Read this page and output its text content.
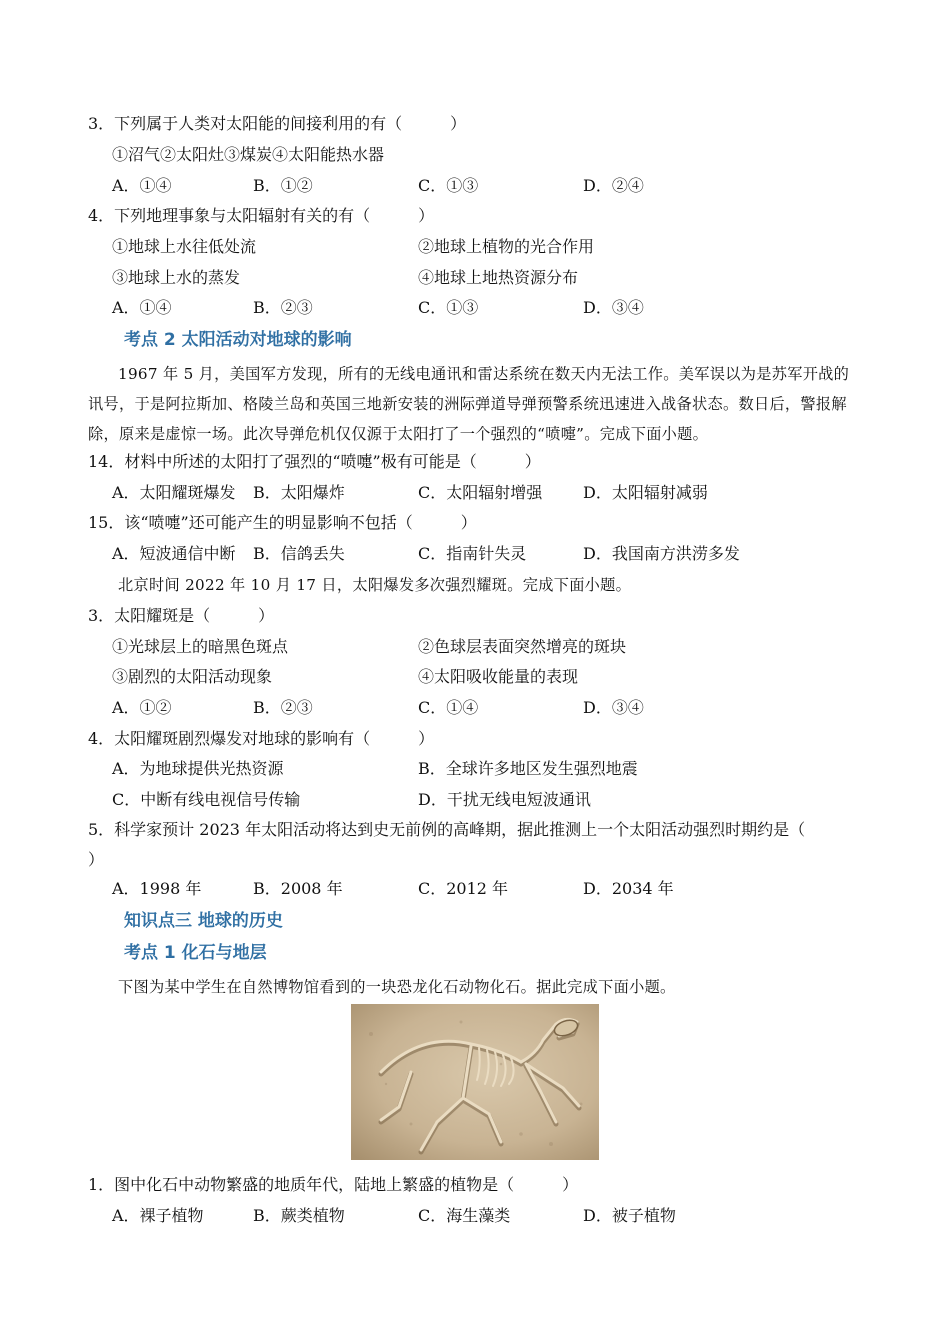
3．下列属于人类对太阳能的间接利用的有（　　　）
①沼气②太阳灶③煤炭④太阳能热水器
A．①④	B．①②	C．①③	D．②④
4．下列地理事象与太阳辐射有关的有（　　　）
①地球上水往低处流	②地球上植物的光合作用
③地球上水的蒸发	④地球上地热资源分布
A．①④	B．②③	C．①③	D．③④
考点 2 太阳活动对地球的影响
1967 年 5 月，美国军方发现，所有的无线电通讯和雷达系统在数天内无法工作。美军误以为是苏军开战的讯号，于是阿拉斯加、格陵兰岛和英国三地新安装的洲际弹道导弹预警系统迅速进入战备状态。数日后，警报解除，原来是虚惊一场。此次导弹危机仅仅源于太阳打了一个强烈的“喷嚏”。完成下面小题。
14．材料中所述的太阳打了强烈的“喷嚏”极有可能是（　　　）
A．太阳耀斑爆发 B．太阳爆炸	C．太阳辐射增强	D．太阳辐射减弱
15．该“喷嚏”还可能产生的明显影响不包括（　　　）
A．短波通信中断 B．信鸽丢失	C．指南针失灵	D．我国南方洪涝多发
北京时间 2022 年 10 月 17 日，太阳爆发多次强烈耀斑。完成下面小题。
3．太阳耀斑是（　　　）
①光球层上的暗黑色斑点	②色球层表面突然增亮的斑块
③剧烈的太阳活动现象	④太阳吸收能量的表现
A．①②	B．②③	C．①④	D．③④
4．太阳耀斑剧烈爆发对地球的影响有（　　　）
A．为地球提供光热资源	B．全球许多地区发生强烈地震
C．中断有线电视信号传输	D．干扰无线电短波通讯
5．科学家预计 2023 年太阳活动将达到史无前例的高峰期，据此推测上一个太阳活动强烈时期约是（
）
A．1998 年	B．2008 年	C．2012 年	D．2034 年
知识点三 地球的历史
考点 1 化石与地层
下图为某中学生在自然博物馆看到的一块恐龙化石动物化石。据此完成下面小题。
1．图中化石中动物繁盛的地质年代，陆地上繁盛的植物是（　　　）
A．裸子植物	B．蕨类植物	C．海生藻类	D．被子植物
